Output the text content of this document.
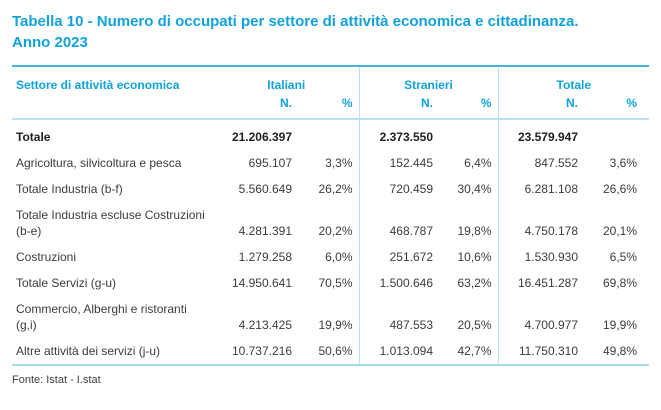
Tabella 10 - Numero di occupati per settore di attività economica e cittadinanza.
Anno 2023
Settore di attività economica	Italiani		Stranieri		Totale	
	N.	%	N.	%	N.	%
Totale	21.206.397		2.373.550		23.579.947	
Agricoltura, silvicoltura e pesca	695.107	3,3%	152.445	6,4%	847.552	3,6%
Totale Industria (b-f)	5.560.649	26,2%	720.459	30,4%	6.281.108	26,6%
Totale Industria escluse Costruzioni (b-e)	4.281.391	20,2%	468.787	19,8%	4.750.178	20,1%
Costruzioni	1.279.258	6,0%	251.672	10,6%	1.530.930	6,5%
Totale Servizi (g-u)	14.950.641	70,5%	1.500.646	63,2%	16.451.287	69,8%
Commercio, Alberghi e ristoranti (g,i)	4.213.425	19,9%	487.553	20,5%	4.700.977	19,9%
Altre attività dei servizi (j-u)	10.737.216	50,6%	1.013.094	42,7%	11.750.310	49,8%
Fonte: Istat - I.stat
